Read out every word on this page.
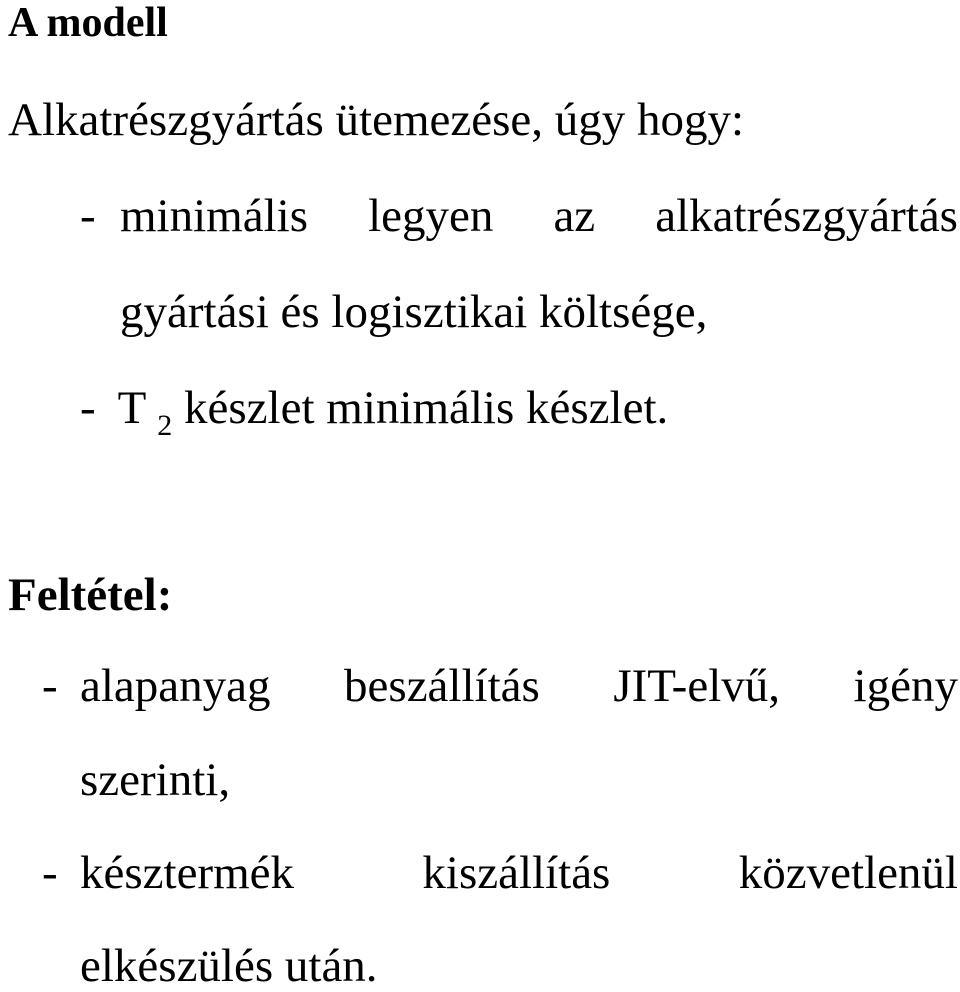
A modell
Alkatrészgyártás ütemezése, úgy hogy:
- minimális legyen az alkatrészgyártás
gyártási és logisztikai költsége,
- T $_2$ készlet minimális készlet.
Feltétel:
- alapanyag beszállítás JIT-elvű, igény
szerinti,
- késztermék	kiszállítás	közvetlenül
elkészülés után.
